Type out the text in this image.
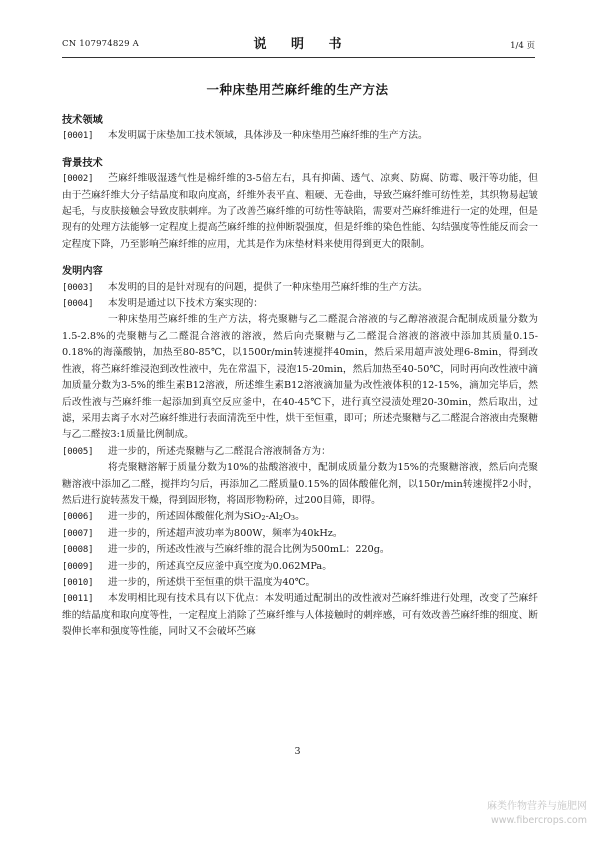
CN 107974829 A	说 明 书	1/4 页
一种床垫用苎麻纤维的生产方法

技术领域

[0001] 本发明属于床垫加工技术领域，具体涉及一种床垫用苎麻纤维的生产方法。

背景技术

[0002] 苎麻纤维吸湿透气性是棉纤维的3-5倍左右，具有抑菌、透气、凉爽、防腐、防霉、吸汗等功能，但由于苎麻纤维大分子结晶度和取向度高，纤维外表平直、粗硬、无卷曲，导致苎麻纤维可纺性差，其织物易起皱起毛，与皮肤接触会导致皮肤刺痒。为了改善苎麻纤维的可纺性等缺陷，需要对苎麻纤维进行一定的处理，但是现有的处理方法能够一定程度上提高苎麻纤维的拉伸断裂强度，但是纤维的染色性能、勾结强度等性能反而会一定程度下降，乃至影响苎麻纤维的应用，尤其是作为床垫材料来使用得到更大的限制。

发明内容

[0003] 本发明的目的是针对现有的问题，提供了一种床垫用苎麻纤维的生产方法。

[0004] 本发明是通过以下技术方案实现的：

一种床垫用苎麻纤维的生产方法，将壳聚糖与乙二醛混合溶液的与乙醇溶液混合配制成质量分数为1.5-2.8%的壳聚糖与乙二醛混合溶液的溶液，然后向壳聚糖与乙二醛混合溶液的溶液中添加其质量0.15-0.18%的海藻酸钠，加热至80-85℃，以1500r/min转速搅拌40min，然后采用超声波处理6-8min，得到改性液，将苎麻纤维浸泡到改性液中，先在常温下，浸泡15-20min，然后加热至40-50℃，同时再向改性液中滴加质量分数为3-5%的维生素B12溶液，所述维生素B12溶液滴加量为改性液体积的12-15%，滴加完毕后，然后改性液与苎麻纤维一起添加到真空反应釜中，在40-45℃下，进行真空浸渍处理20-30min，然后取出，过滤，采用去离子水对苎麻纤维进行表面清洗至中性，烘干至恒重，即可；所述壳聚糖与乙二醛混合溶液由壳聚糖与乙二醛按3:1质量比例制成。

[0005] 进一步的，所述壳聚糖与乙二醛混合溶液制备方为：

将壳聚糖溶解于质量分数为10%的盐酸溶液中，配制成质量分数为15%的壳聚糖溶液，然后向壳聚糖溶液中添加乙二醛，搅拌均匀后，再添加乙二醛质量0.15%的固体酸催化剂，以150r/min转速搅拌2小时，然后进行旋转蒸发干燥，得到固形物，将固形物粉碎，过200目筛，即得。

[0006] 进一步的，所述固体酸催化剂为$SiO_2-Al_2O_3$。

[0007] 进一步的，所述超声波功率为800W，频率为40kHz。

[0008] 进一步的，所述改性液与苎麻纤维的混合比例为500mL：220g。

[0009] 进一步的，所述真空反应釜中真空度为0.062MPa。

[0010] 进一步的，所述烘干至恒重的烘干温度为40℃。

[0011] 本发明相比现有技术具有以下优点：本发明通过配制出的改性液对苎麻纤维进行处理，改变了苎麻纤维的结晶度和取向度等性，一定程度上消除了苎麻纤维与人体接触时的刺痒感，可有效改善苎麻纤维的细度、断裂伸长率和强度等性能，同时又不会破坏苎麻

3
麻类作物营养与施肥网
www.fibercrops.com
